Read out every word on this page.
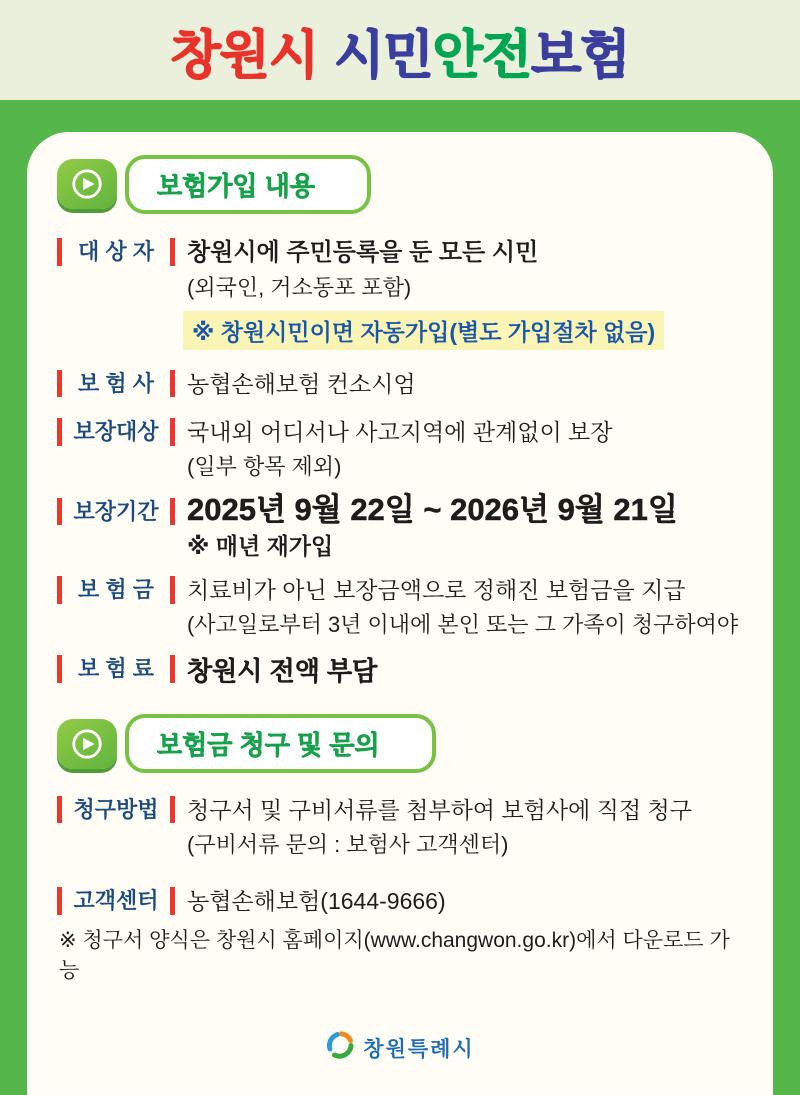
창원시 시민안전보험
보험가입 내용
대 상 자	창원시에 주민등록을 둔 모든 시민
(외국인, 거소동포 포함)
※ 창원시민이면 자동가입(별도 가입절차 없음)
보 험 사	농협손해보험 컨소시엄
보장대상	국내외 어디서나 사고지역에 관계없이 보장
(일부 항목 제외)
보장기간 2025년 9월 22일 ~ 2026년 9월 21일
※ 매년 재가입
보 험 금	치료비가 아닌 보장금액으로 정해진 보험금을 지급
(사고일로부터 3년 이내에 본인 또는 그 가족이 청구하여야
보 험 료	창원시 전액 부담
보험금 청구 및 문의
청구방법	청구서 및 구비서류를 첨부하여 보험사에 직접 청구
(구비서류 문의 : 보험사 고객센터)
고객센터	농협손해보험(1644-9666)
※ 청구서 양식은 창원시 홈페이지(www.changwon.go.kr)에서 다운로드 가능
창원특례시
